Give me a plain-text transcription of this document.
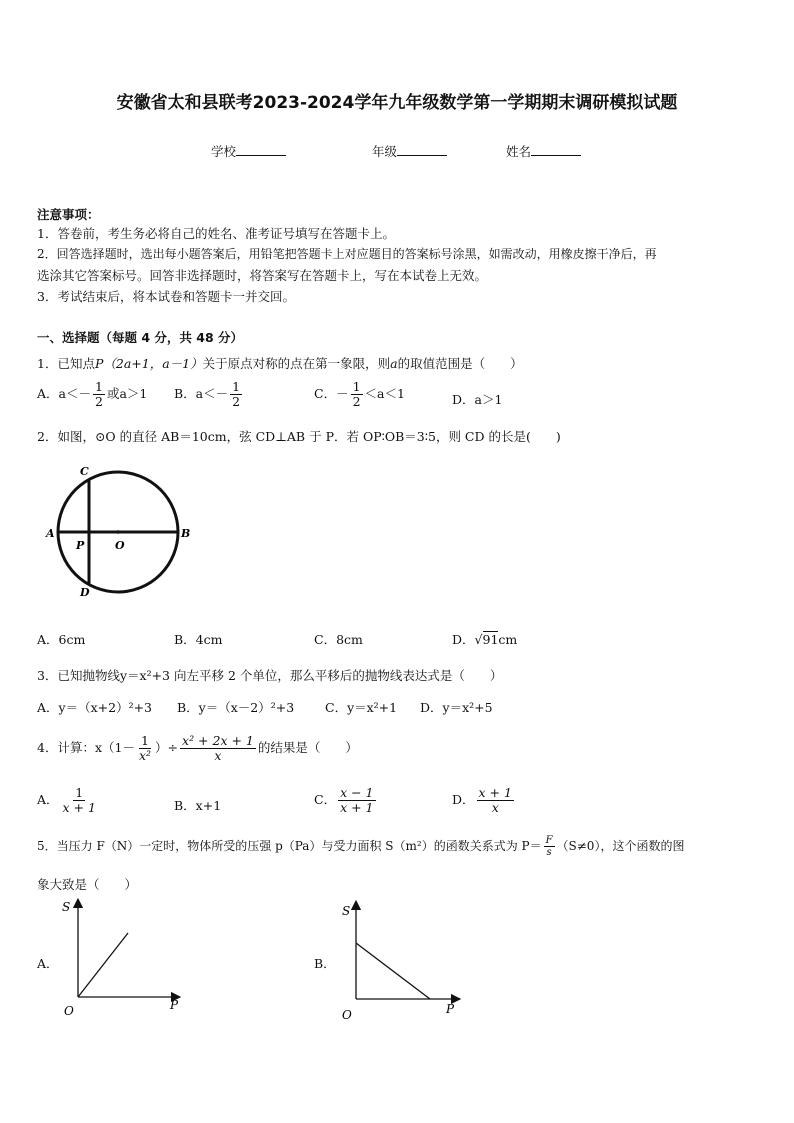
安徽省太和县联考2023-2024学年九年级数学第一学期期末调研模拟试题
学校	年级	姓名
注意事项：
1．答卷前，考生务必将自己的姓名、准考证号填写在答题卡上。
2．回答选择题时，选出每小题答案后，用铅笔把答题卡上对应题目的答案标号涂黑，如需改动，用橡皮擦干净后，再
选涂其它答案标号。回答非选择题时，将答案写在答题卡上，写在本试卷上无效。
3．考试结束后，将本试卷和答题卡一并交回。
一、选择题（每题 4 分，共 48 分）
1．已知点P（2a+1，a－1）关于原点对称的点在第一象限，则a的取值范围是（　　）
A．$a<- \frac{1}{2}$ 或a＞1 B．$a<- \frac{1}{2}$	C．－ $\frac{1}{2} <a<1$	D．a＞1
2．如图，⊙O 的直径 AB＝10cm，弦 CD⊥AB 于 P．若 OP∶OB＝3∶5，则 CD 的长是(　　)
C
D
A	B
P	O
A．6cm	B．4cm	C．8cm	D．√91cm
3．已知抛物线y＝x²+3 向左平移 2 个单位，那么平移后的抛物线表达式是（　　）
A．y＝（x+2）²+3 B．y＝（x－2）²+3 C．y＝x²+1 D．y＝x²+5
4．计算：$x(1- \frac{1}{\text{x²}}$ ）÷ $\frac{\text{x² + 2x + 1}}{x}$ 的结果是（　　）
A． $\frac{1}{x + 1}$	B．x+1	C． $\frac{x - 1}{x + 1}$	D． $\frac{x + 1}{x}$
5．当压力 F（N）一定时，物体所受的压强 p（Pa）与受力面积 S（m²）的函数关系式为 $P= \frac{F}{s} (S\ne 0)$，这个函数的图
象大致是（　　）
A．
S
P
O
B．
S
P
O
